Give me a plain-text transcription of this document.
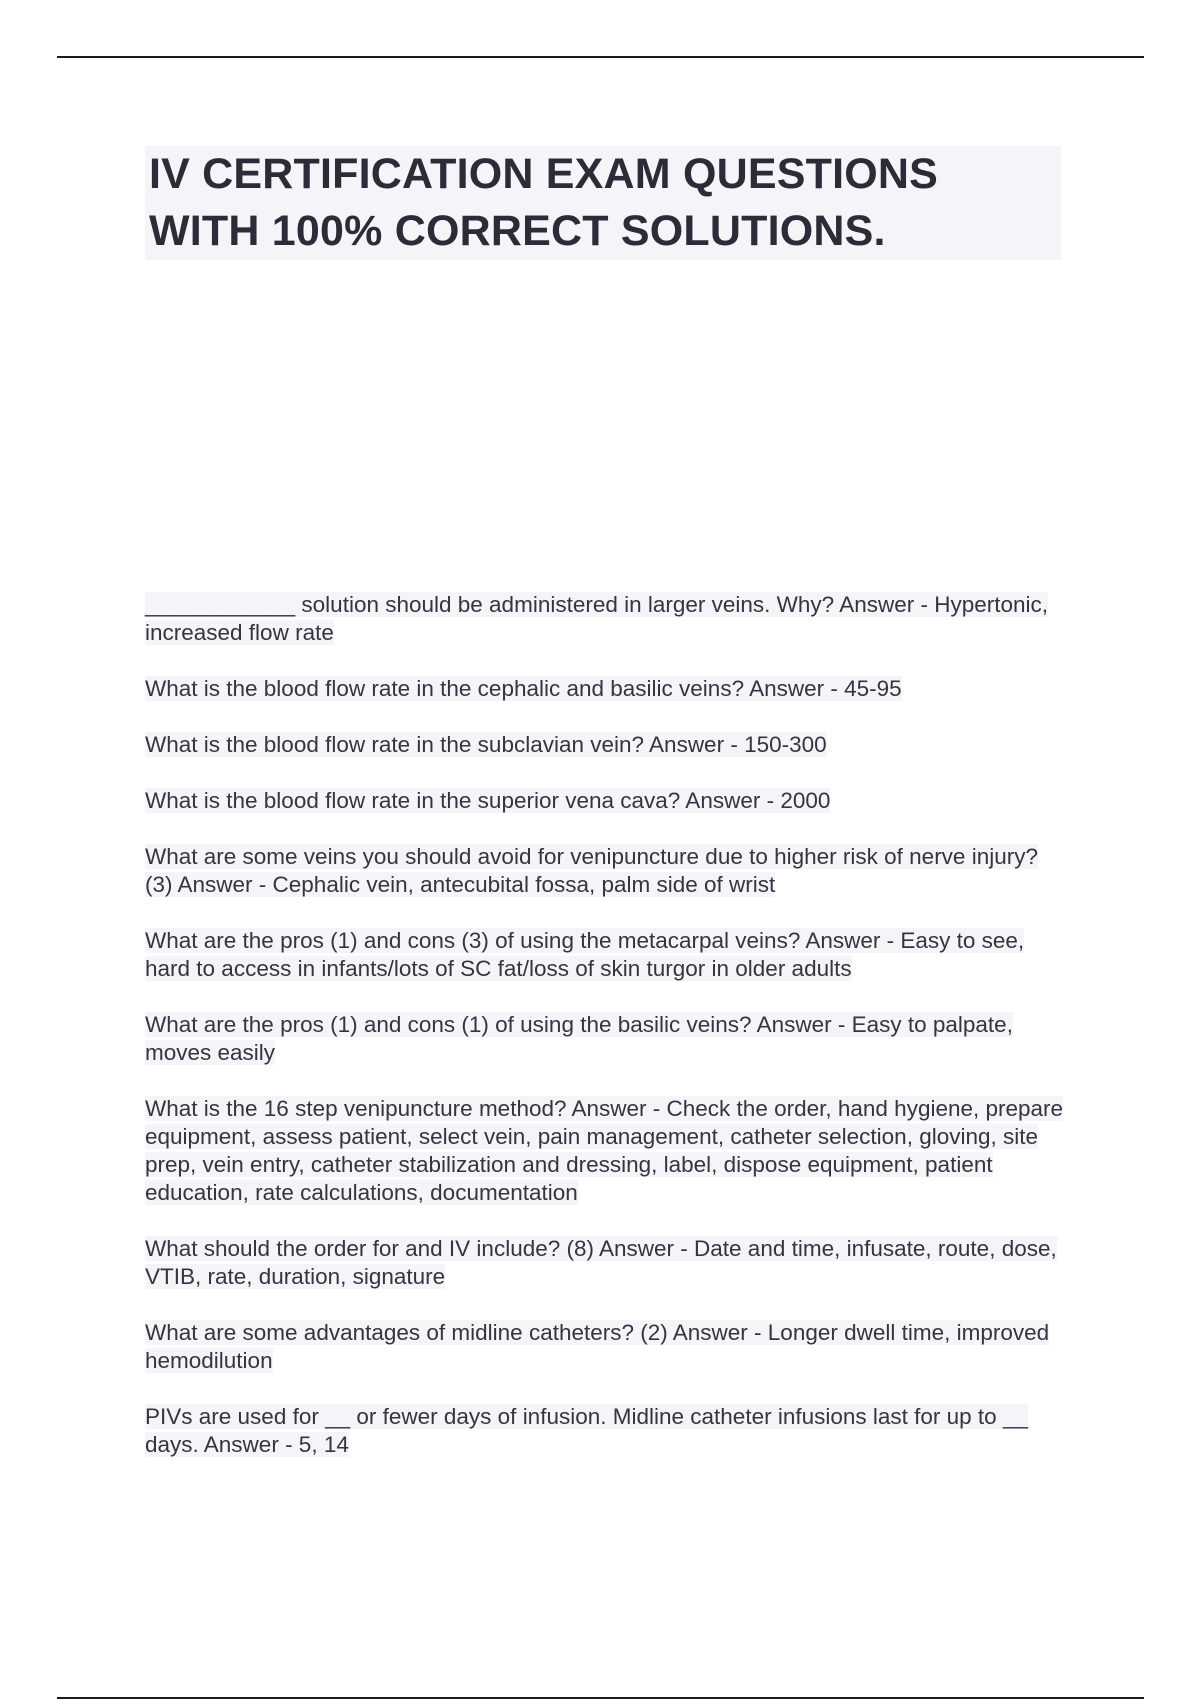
IV CERTIFICATION EXAM QUESTIONS WITH 100% CORRECT SOLUTIONS.

____________ solution should be administered in larger veins. Why? Answer - Hypertonic, increased flow rate

What is the blood flow rate in the cephalic and basilic veins? Answer - 45-95

What is the blood flow rate in the subclavian vein? Answer - 150-300

What is the blood flow rate in the superior vena cava? Answer - 2000

What are some veins you should avoid for venipuncture due to higher risk of nerve injury? (3) Answer - Cephalic vein, antecubital fossa, palm side of wrist

What are the pros (1) and cons (3) of using the metacarpal veins? Answer - Easy to see, hard to access in infants/lots of SC fat/loss of skin turgor in older adults

What are the pros (1) and cons (1) of using the basilic veins? Answer - Easy to palpate, moves easily

What is the 16 step venipuncture method? Answer - Check the order, hand hygiene, prepare equipment, assess patient, select vein, pain management, catheter selection, gloving, site prep, vein entry, catheter stabilization and dressing, label, dispose equipment, patient education, rate calculations, documentation

What should the order for and IV include? (8) Answer - Date and time, infusate, route, dose, VTIB, rate, duration, signature

What are some advantages of midline catheters? (2) Answer - Longer dwell time, improved hemodilution

PIVs are used for __ or fewer days of infusion. Midline catheter infusions last for up to __ days. Answer - 5, 14
